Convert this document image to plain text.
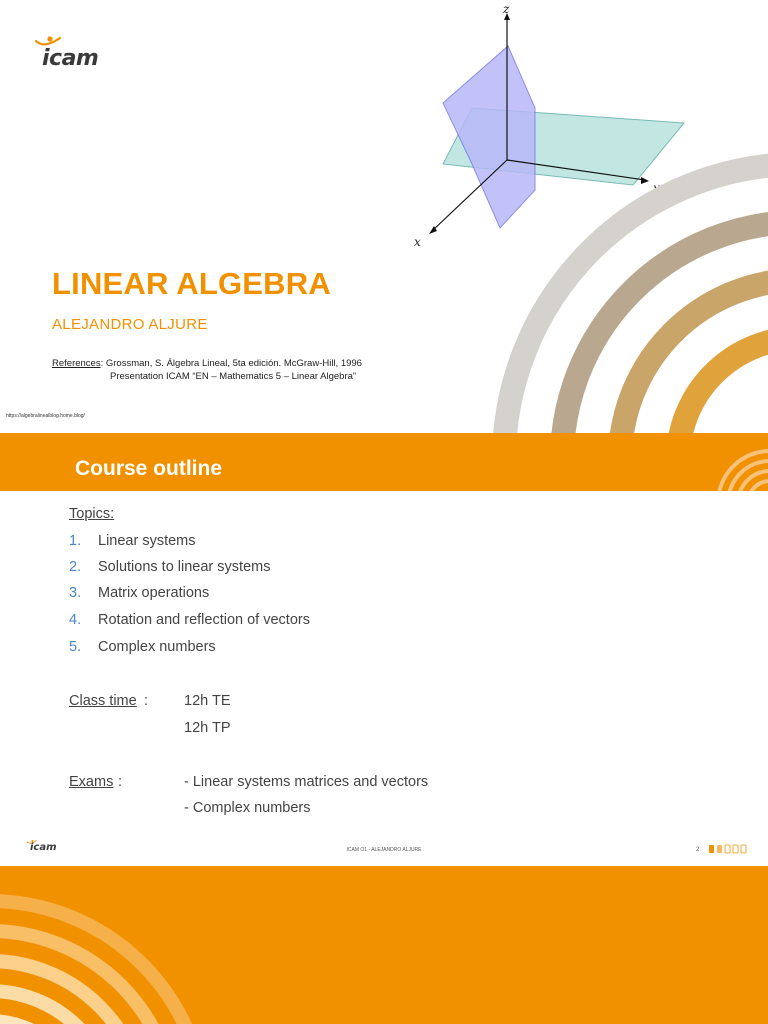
icam
z
y
x
LINEAR ALGEBRA
ALEJANDRO ALJURE
References: Grossman, S. Álgebra Lineal, 5ta edición. McGraw-Hill, 1996
Presentation ICAM “EN – Mathematics 5 – Linear Algebra”
https://algebralinealblog.home.blog/
Course outline
Topics:
1. Linear systems
2. Solutions to linear systems
3. Matrix operations
4. Rotation and reflection of vectors
5. Complex numbers
Class time : 12h TE
12h TP
Exams :	- Linear systems matrices and vectors
- Complex numbers
icam	ICAM O1 - ALEJANDRO ALJURE	2
